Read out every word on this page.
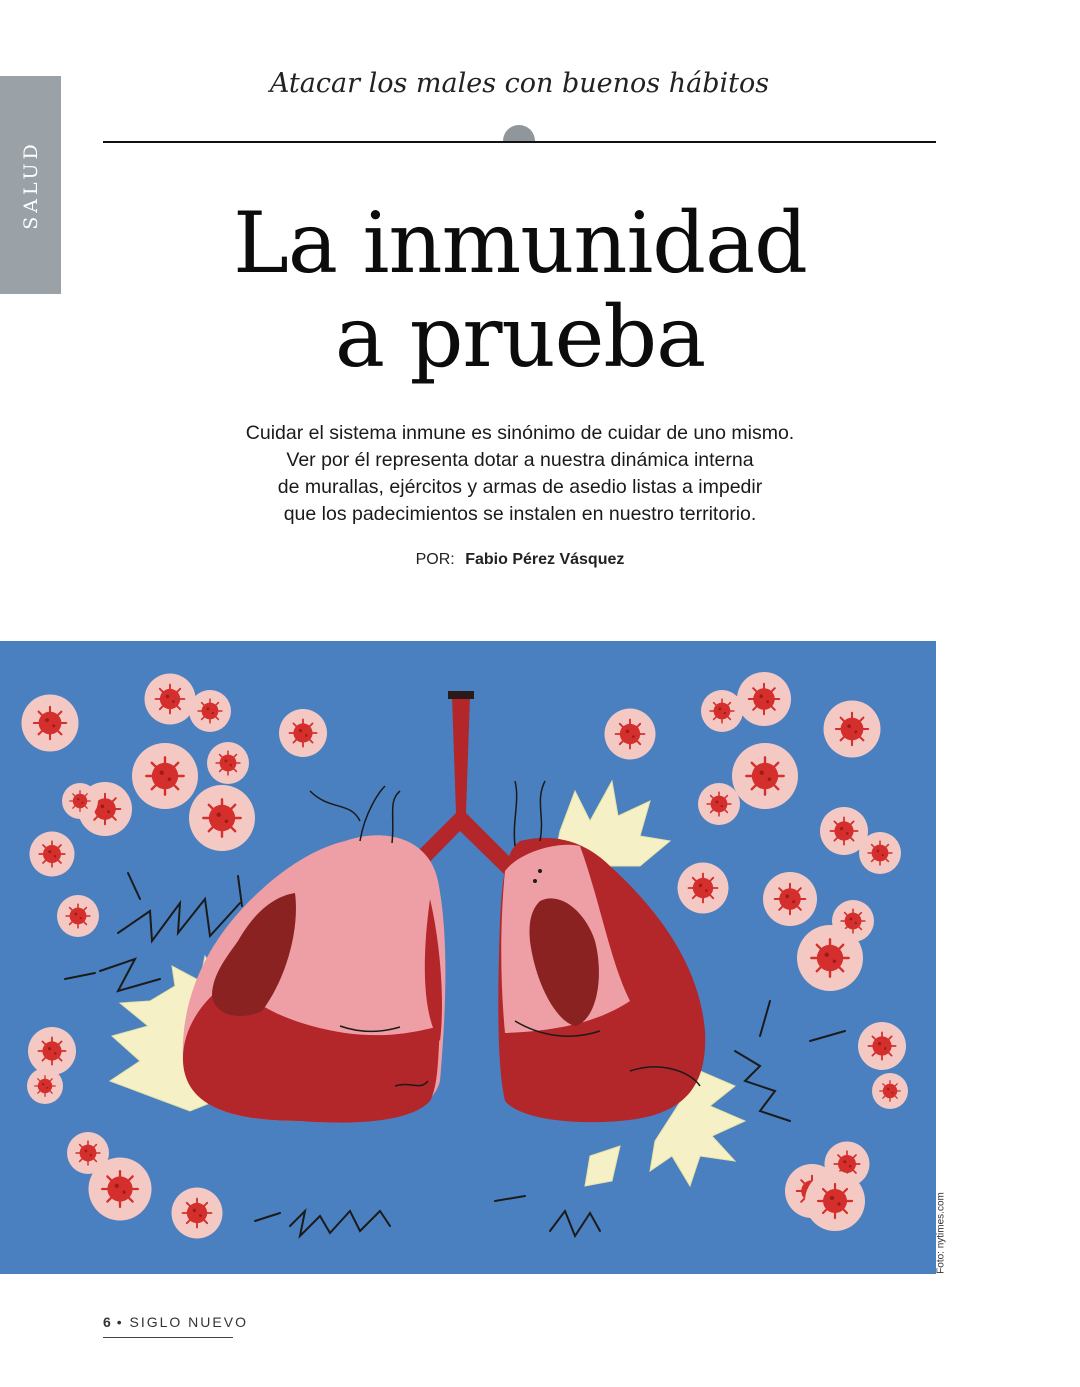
SALUD
Atacar los males con buenos hábitos
La inmunidad
a prueba
Cuidar el sistema inmune es sinónimo de cuidar de uno mismo.
Ver por él representa dotar a nuestra dinámica interna
de murallas, ejércitos y armas de asedio listas a impedir
que los padecimientos se instalen en nuestro territorio.
POR: Fabio Pérez Vásquez
Foto: nytimes.com
6 • SIGLO NUEVO
